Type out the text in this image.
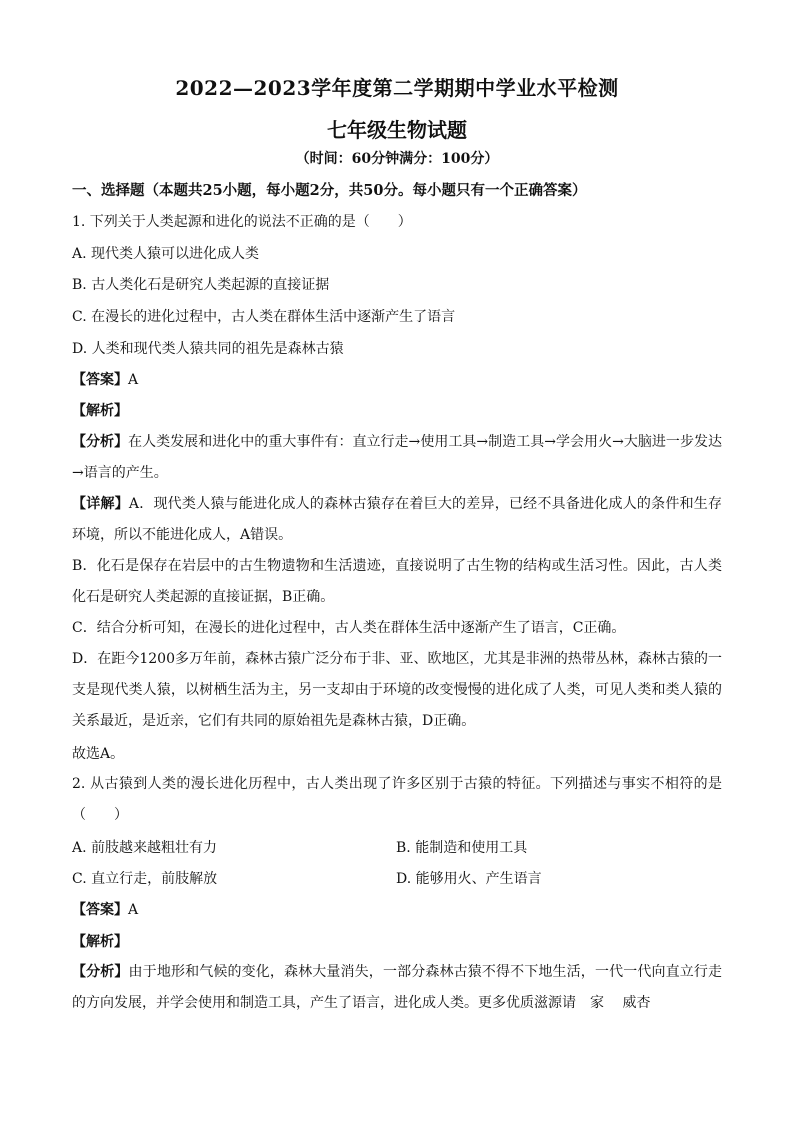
2022—2023学年度第二学期期中学业水平检测
七年级生物试题
（时间：60分钟满分：100分）
一、选择题（本题共25小题，每小题2分，共50分。每小题只有一个正确答案）
1. 下列关于人类起源和进化的说法不正确的是（　　）
A. 现代类人猿可以进化成人类
B. 古人类化石是研究人类起源的直接证据
C. 在漫长的进化过程中，古人类在群体生活中逐渐产生了语言
D. 人类和现代类人猿共同的祖先是森林古猿
【答案】A
【解析】
【分析】在人类发展和进化中的重大事件有：直立行走→使用工具→制造工具→学会用火→大脑进一步发达→语言的产生。
【详解】A．现代类人猿与能进化成人的森林古猿存在着巨大的差异，已经不具备进化成人的条件和生存环境，所以不能进化成人，A错误。
B．化石是保存在岩层中的古生物遗物和生活遗迹，直接说明了古生物的结构或生活习性。因此，古人类化石是研究人类起源的直接证据，B正确。
C．结合分析可知，在漫长的进化过程中，古人类在群体生活中逐渐产生了语言，C正确。
D．在距今1200多万年前，森林古猿广泛分布于非、亚、欧地区，尤其是非洲的热带丛林，森林古猿的一支是现代类人猿，以树栖生活为主，另一支却由于环境的改变慢慢的进化成了人类，可见人类和类人猿的关系最近，是近亲，它们有共同的原始祖先是森林古猿，D正确。
故选A。
2. 从古猿到人类的漫长进化历程中，古人类出现了许多区别于古猿的特征。下列描述与事实不相符的是（　　）
A. 前肢越来越粗壮有力	B. 能制造和使用工具
C. 直立行走，前肢解放	D. 能够用火、产生语言
【答案】A
【解析】
【分析】由于地形和气候的变化，森林大量消失，一部分森林古猿不得不下地生活，一代一代向直立行走的方向发展，并学会使用和制造工具，产生了语言，进化成人类。更多优质滋源请　家　 威杏
